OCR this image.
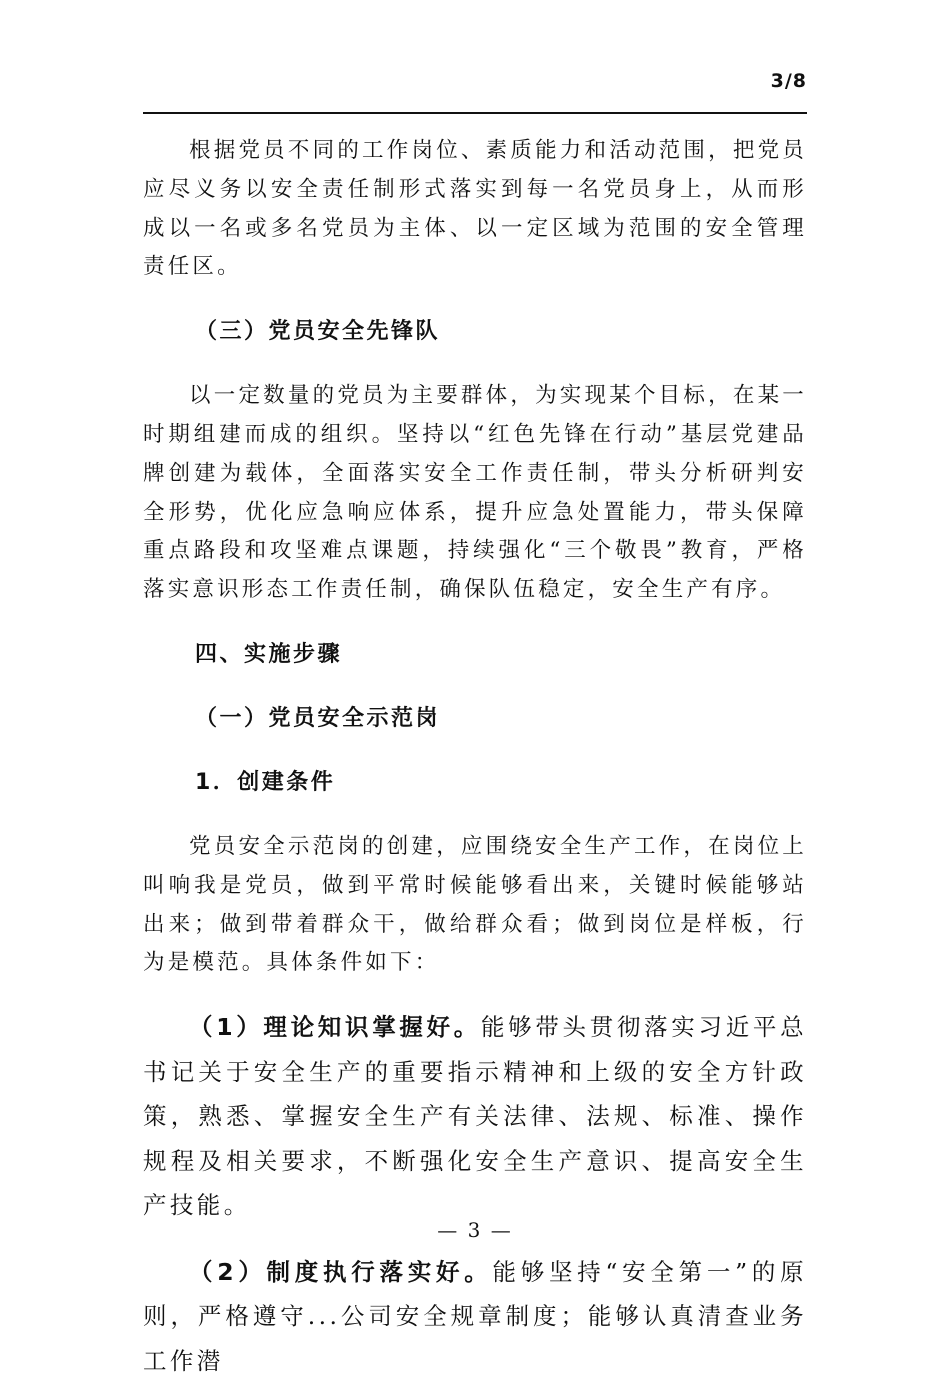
3/8

根据党员不同的工作岗位、素质能力和活动范围，把党员应尽义务以安全责任制形式落实到每一名党员身上，从而形成以一名或多名党员为主体、以一定区域为范围的安全管理责任区。

（三）党员安全先锋队

以一定数量的党员为主要群体，为实现某个目标，在某一时期组建而成的组织。坚持以“红色先锋在行动”基层党建品牌创建为载体，全面落实安全工作责任制，带头分析研判安全形势，优化应急响应体系，提升应急处置能力，带头保障重点路段和攻坚难点课题，持续强化“三个敬畏”教育，严格落实意识形态工作责任制，确保队伍稳定，安全生产有序。

四、实施步骤

（一）党员安全示范岗

1．创建条件

党员安全示范岗的创建，应围绕安全生产工作，在岗位上叫响我是党员，做到平常时候能够看出来，关键时候能够站出来；做到带着群众干，做给群众看；做到岗位是样板，行为是模范。具体条件如下：

（1）理论知识掌握好。能够带头贯彻落实习近平总书记关于安全生产的重要指示精神和上级的安全方针政策，熟悉、掌握安全生产有关法律、法规、标准、操作规程及相关要求，不断强化安全生产意识、提高安全生产技能。

（2）制度执行落实好。能够坚持“安全第一”的原则，严格遵守...公司安全规章制度；能够认真清查业务工作潜

— 3 —
